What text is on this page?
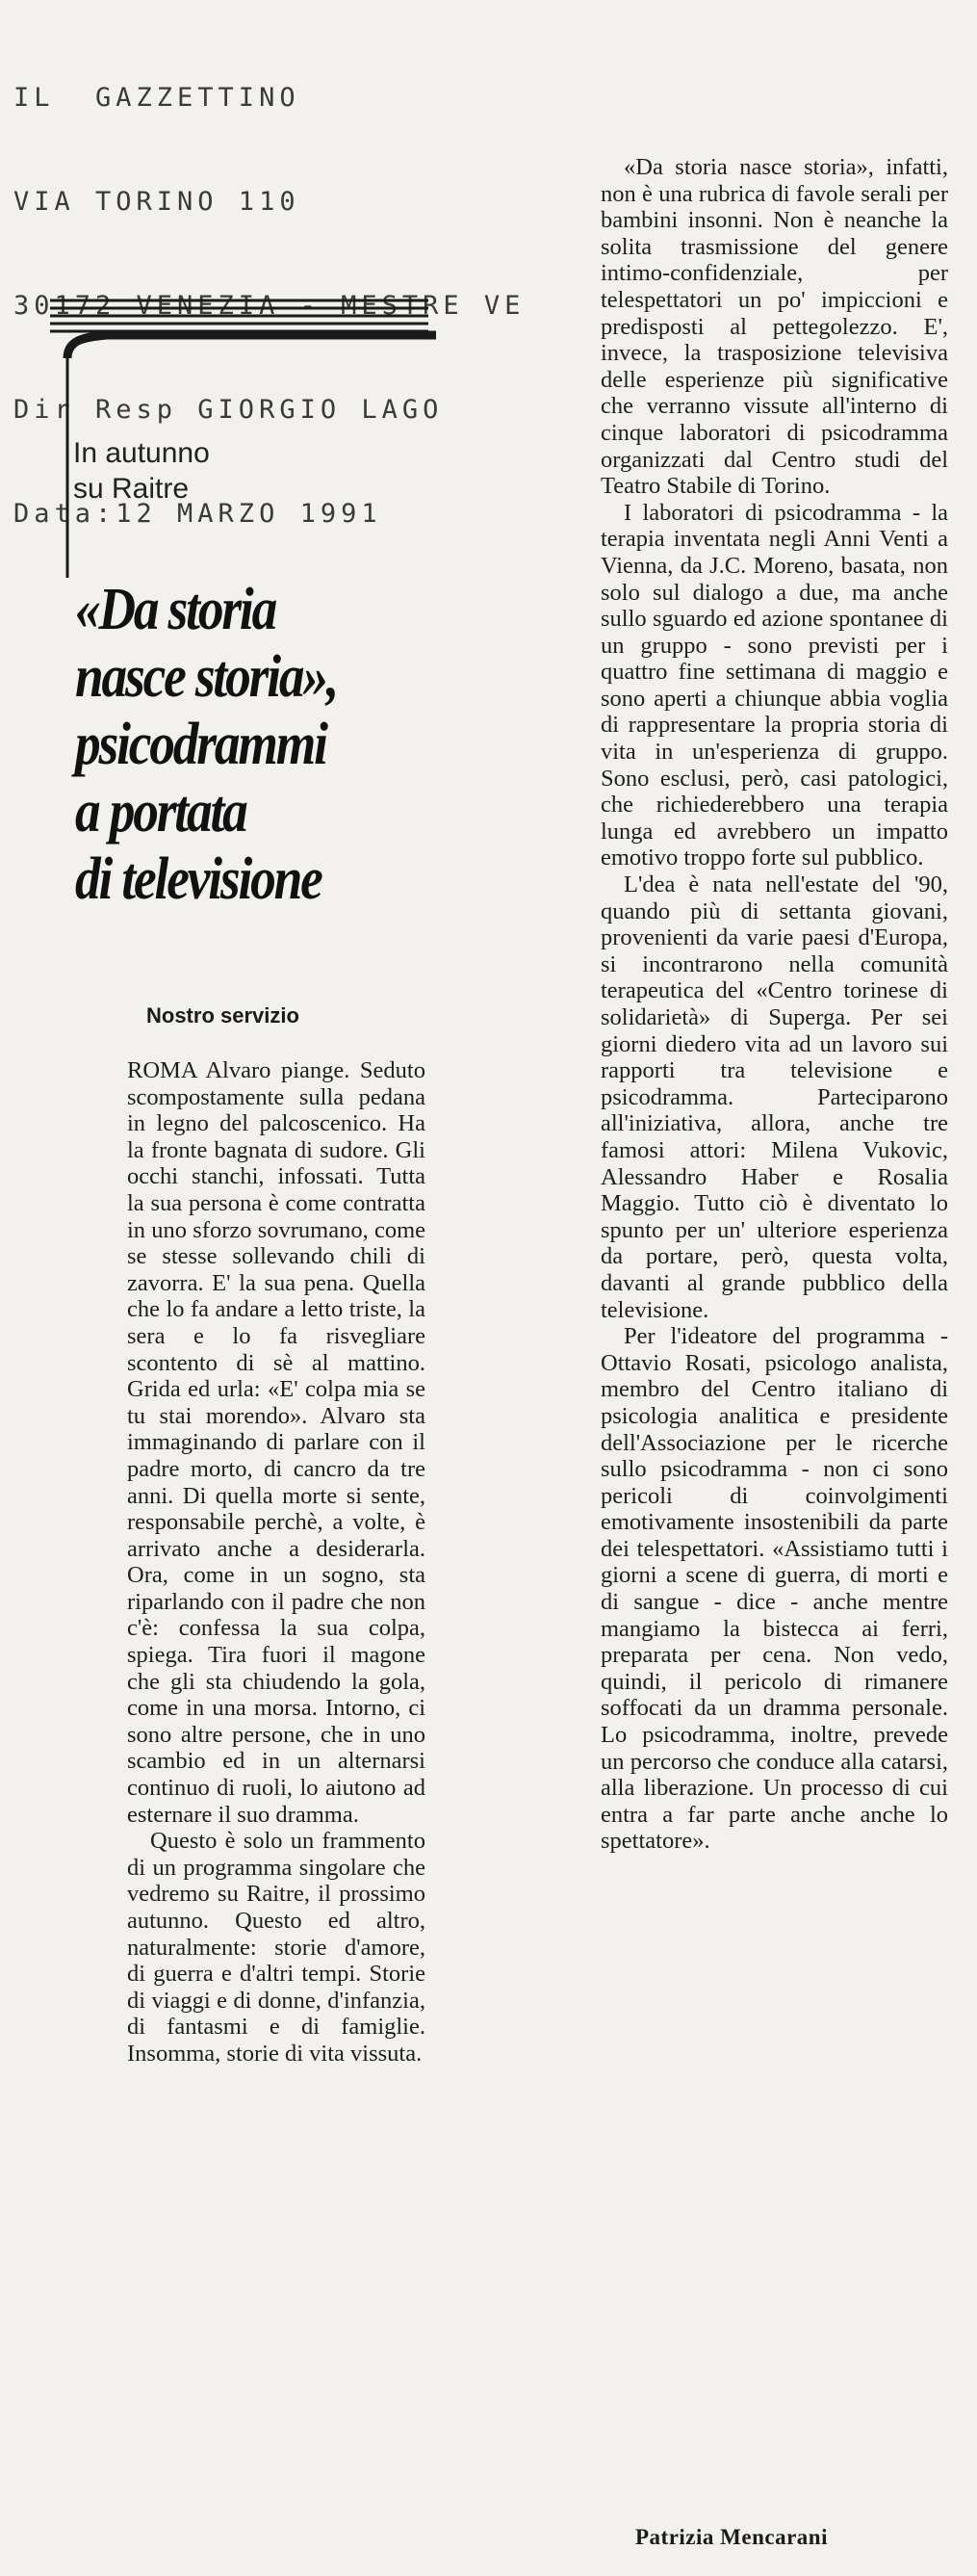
IL  GAZZETTINO

VIA TORINO 110

30172 VENEZIA - MESTRE VE

Dir Resp GIORGIO LAGO

Data:12 MARZO 1991

In autunno
su Raitre
«Da storia
nasce storia»,
psicodrammi
a portata
di televisione
Nostro servizio

ROMA Alvaro piange. Seduto scompostamente sulla pedana in legno del palcoscenico. Ha la fronte bagnata di sudore. Gli occhi stanchi, infossati. Tutta la sua persona è come contratta in uno sforzo sovrumano, come se stesse sollevando chili di zavorra. E' la sua pena. Quella che lo fa andare a letto triste, la sera e lo fa risvegliare scontento di sè al mattino. Grida ed urla: «E' colpa mia se tu stai morendo». Alvaro sta immaginando di parlare con il padre morto, di cancro da tre anni. Di quella morte si sente, responsabile perchè, a volte, è arrivato anche a desiderarla. Ora, come in un sogno, sta riparlando con il padre che non c'è: confessa la sua colpa, spiega. Tira fuori il magone che gli sta chiudendo la gola, come in una morsa. Intorno, ci sono altre persone, che in uno scambio ed in un alternarsi continuo di ruoli, lo aiutono ad esternare il suo dramma.

Questo è solo un frammento di un programma singolare che vedremo su Raitre, il prossimo autunno. Questo ed altro, naturalmente: storie d'amore, di guerra e d'altri tempi. Storie di viaggi e di donne, d'infanzia, di fantasmi e di famiglie. Insomma, storie di vita vissuta.

«Da storia nasce storia», infatti, non è una rubrica di favole serali per bambini insonni. Non è neanche la solita trasmissione del genere intimo-confidenziale, per telespettatori un po' impiccioni e predisposti al pettegolezzo. E', invece, la trasposizione televisiva delle esperienze più significative che verranno vissute all'interno di cinque laboratori di psicodramma organizzati dal Centro studi del Teatro Stabile di Torino.

I laboratori di psicodramma - la terapia inventata negli Anni Venti a Vienna, da J.C. Moreno, basata, non solo sul dialogo a due, ma anche sullo sguardo ed azione spontanee di un gruppo - sono previsti per i quattro fine settimana di maggio e sono aperti a chiunque abbia voglia di rappresentare la propria storia di vita in un'esperienza di gruppo. Sono esclusi, però, casi patologici, che richiederebbero una terapia lunga ed avrebbero un impatto emotivo troppo forte sul pubblico.

L'dea è nata nell'estate del '90, quando più di settanta giovani, provenienti da varie paesi d'Europa, si incontrarono nella comunità terapeutica del «Centro torinese di solidarietà» di Superga. Per sei giorni diedero vita ad un lavoro sui rapporti tra televisione e psicodramma. Parteciparono all'iniziativa, allora, anche tre famosi attori: Milena Vukovic, Alessandro Haber e Rosalia Maggio. Tutto ciò è diventato lo spunto per un' ulteriore esperienza da portare, però, questa volta, davanti al grande pubblico della televisione.

Per l'ideatore del programma - Ottavio Rosati, psicologo analista, membro del Centro italiano di psicologia analitica e presidente dell'Associazione per le ricerche sullo psicodramma - non ci sono pericoli di coinvolgimenti emotivamente insostenibili da parte dei telespettatori. «Assistiamo tutti i giorni a scene di guerra, di morti e di sangue - dice - anche mentre mangiamo la bistecca ai ferri, preparata per cena. Non vedo, quindi, il pericolo di rimanere soffocati da un dramma personale. Lo psicodramma, inoltre, prevede un percorso che conduce alla catarsi, alla liberazione. Un processo di cui entra a far parte anche anche lo spettatore».

Patrizia Mencarani
